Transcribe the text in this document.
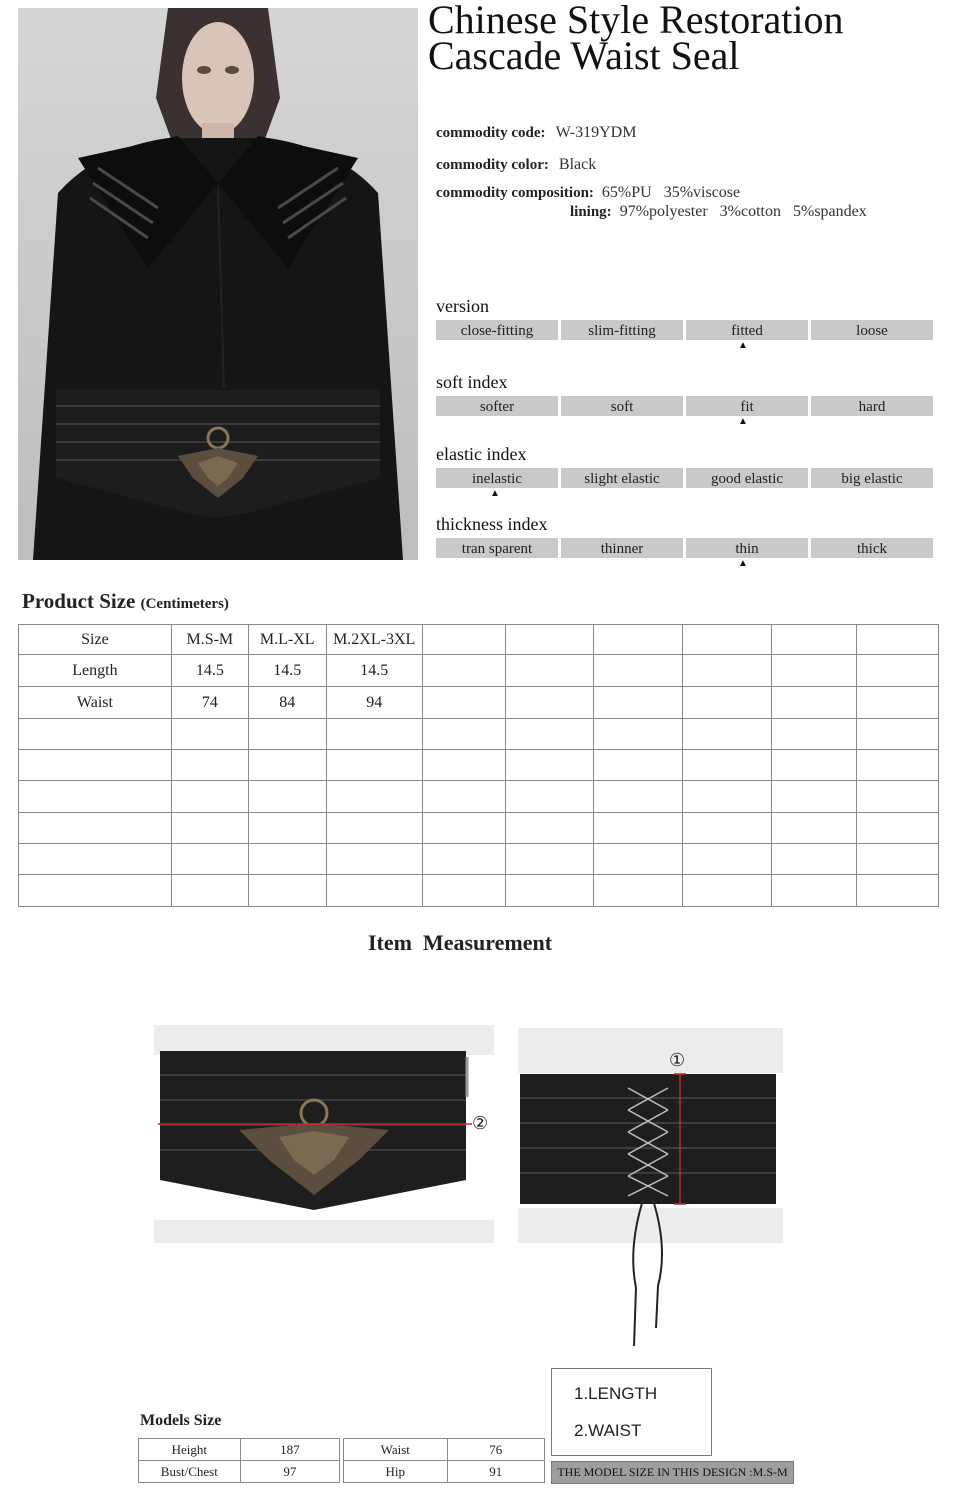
Chinese Style Restoration Cascade Waist Seal
commodity code: W-319YDM
commodity color: Black
commodity composition: 65%PU   35%viscose
lining: 97%polyester   3%cotton   5%spandex
version
close-fitting	slim-fitting	fitted	loose
▲
soft index
softer	soft	fit	hard
▲
elastic index
inelastic	slight elastic	good elastic	big elastic
▲
thickness index
tran sparent	thinner	thin	thick
▲
Product Size (Centimeters)
Size	M.S-M	M.L-XL	M.2XL-3XL						
Length	14.5	14.5	14.5						
Waist	74	84	94						

Item  Measurement
②
①
1.LENGTH
2.WAIST
Models Size
Height	187
Bust/Chest	97
Waist	76
Hip	91	THE MODEL SIZE IN THIS DESIGN :M.S-M
